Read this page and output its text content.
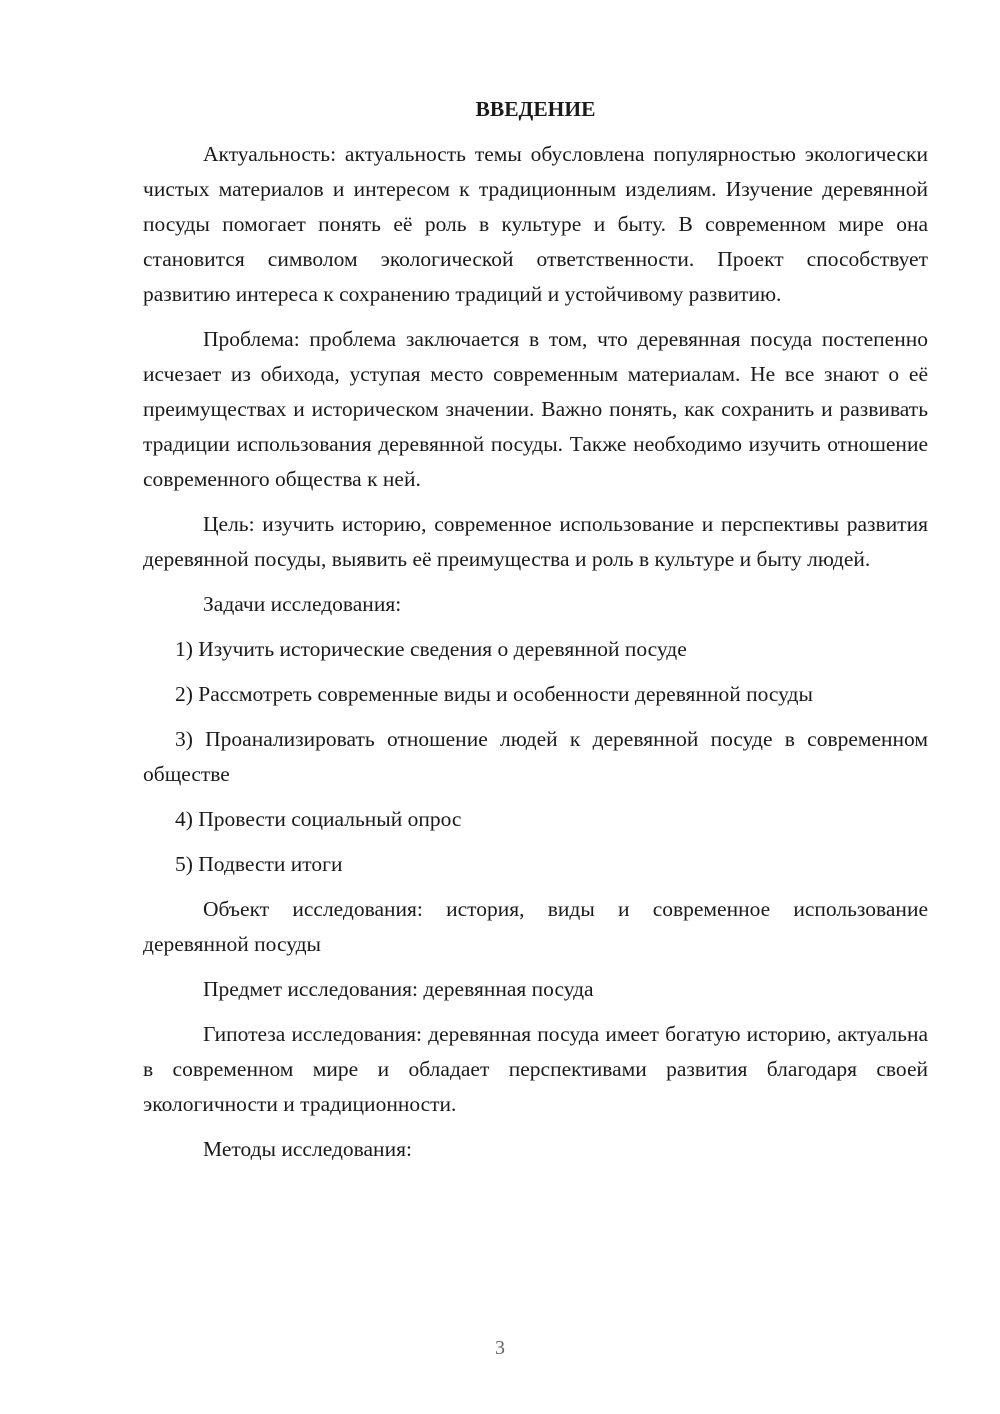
ВВЕДЕНИЕ

Актуальность: актуальность темы обусловлена популярностью экологически чистых материалов и интересом к традиционным изделиям. Изучение деревянной посуды помогает понять её роль в культуре и быту. В современном мире она становится символом экологической ответственности. Проект способствует развитию интереса к сохранению традиций и устойчивому развитию.

Проблема: проблема заключается в том, что деревянная посуда постепенно исчезает из обихода, уступая место современным материалам. Не все знают о её преимуществах и историческом значении. Важно понять, как сохранить и развивать традиции использования деревянной посуды. Также необходимо изучить отношение современного общества к ней.

Цель: изучить историю, современное использование и перспективы развития деревянной посуды, выявить её преимущества и роль в культуре и быту людей.

Задачи исследования:

1) Изучить исторические сведения о деревянной посуде

2) Рассмотреть современные виды и особенности деревянной посуды

3) Проанализировать отношение людей к деревянной посуде в современном обществе

4) Провести социальный опрос

5) Подвести итоги

Объект исследования: история, виды и современное использование деревянной посуды

Предмет исследования: деревянная посуда

Гипотеза исследования: деревянная посуда имеет богатую историю, актуальна в современном мире и обладает перспективами развития благодаря своей экологичности и традиционности.

Методы исследования:

3
